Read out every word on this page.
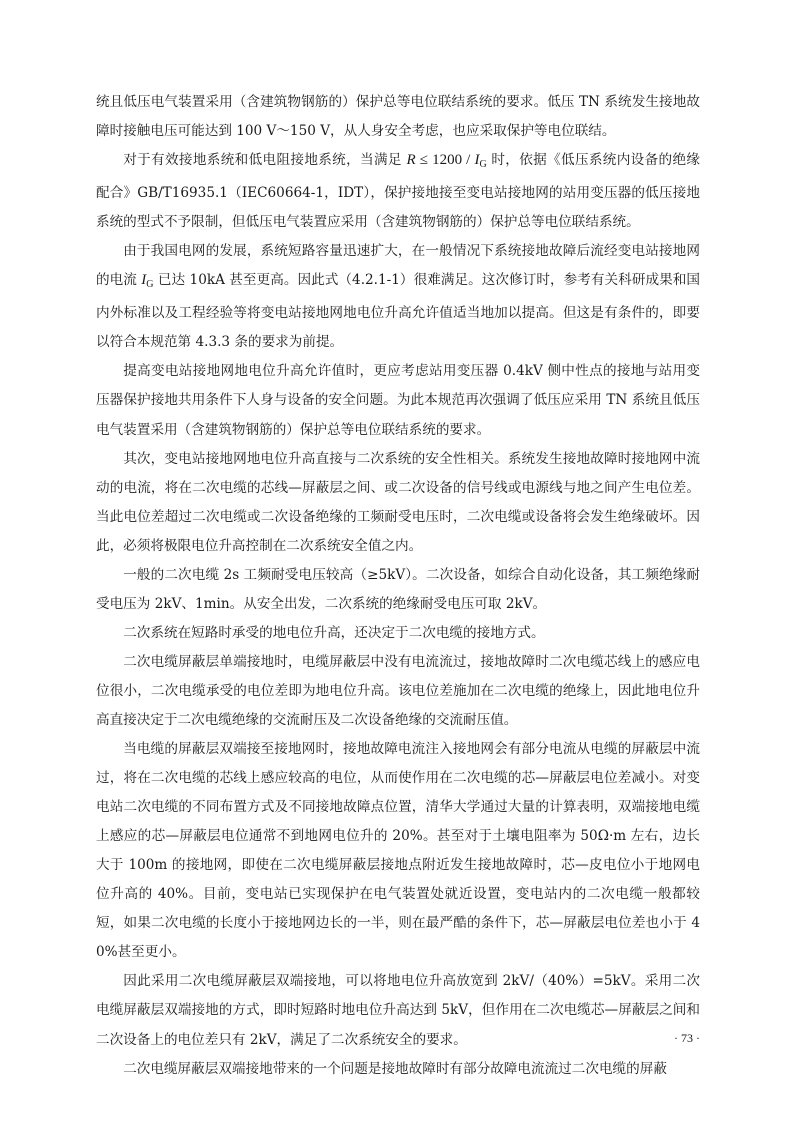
统且低压电气装置采用（含建筑物钢筋的）保护总等电位联结系统的要求。低压 TN 系统发生接地故障时接触电压可能达到 100 V～150 V，从人身安全考虑，也应采取保护等电位联结。

对于有效接地系统和低电阻接地系统，当满足 $R \le 1200 / I_G$ 时，依据《低压系统内设备的绝缘配合》GB/T16935.1（IEC60664-1，IDT），保护接地接至变电站接地网的站用变压器的低压接地系统的型式不予限制，但低压电气装置应采用（含建筑物钢筋的）保护总等电位联结系统。

由于我国电网的发展，系统短路容量迅速扩大，在一般情况下系统接地故障后流经变电站接地网的电流 $I_G$ 已达 10kA 甚至更高。因此式（4.2.1-1）很难满足。这次修订时，参考有关科研成果和国内外标准以及工程经验等将变电站接地网地电位升高允许值适当地加以提高。但这是有条件的，即要以符合本规范第 4.3.3 条的要求为前提。

提高变电站接地网地电位升高允许值时，更应考虑站用变压器 0.4kV 侧中性点的接地与站用变压器保护接地共用条件下人身与设备的安全问题。为此本规范再次强调了低压应采用 TN 系统且低压电气装置采用（含建筑物钢筋的）保护总等电位联结系统的要求。

其次，变电站接地网地电位升高直接与二次系统的安全性相关。系统发生接地故障时接地网中流动的电流，将在二次电缆的芯线—屏蔽层之间、或二次设备的信号线或电源线与地之间产生电位差。当此电位差超过二次电缆或二次设备绝缘的工频耐受电压时，二次电缆或设备将会发生绝缘破坏。因此，必须将极限电位升高控制在二次系统安全值之内。

一般的二次电缆 2s 工频耐受电压较高（≥5kV）。二次设备，如综合自动化设备，其工频绝缘耐受电压为 2kV、1min。从安全出发，二次系统的绝缘耐受电压可取 2kV。

二次系统在短路时承受的地电位升高，还决定于二次电缆的接地方式。

二次电缆屏蔽层单端接地时，电缆屏蔽层中没有电流流过，接地故障时二次电缆芯线上的感应电位很小，二次电缆承受的电位差即为地电位升高。该电位差施加在二次电缆的绝缘上，因此地电位升高直接决定于二次电缆绝缘的交流耐压及二次设备绝缘的交流耐压值。

当电缆的屏蔽层双端接至接地网时，接地故障电流注入接地网会有部分电流从电缆的屏蔽层中流过，将在二次电缆的芯线上感应较高的电位，从而使作用在二次电缆的芯—屏蔽层电位差减小。对变电站二次电缆的不同布置方式及不同接地故障点位置，清华大学通过大量的计算表明，双端接地电缆上感应的芯—屏蔽层电位通常不到地网电位升的 20%。甚至对于土壤电阻率为 50Ω·m 左右，边长大于 100m 的接地网，即使在二次电缆屏蔽层接地点附近发生接地故障时，芯—皮电位小于地网电位升高的 40%。目前，变电站已实现保护在电气装置处就近设置，变电站内的二次电缆一般都较短，如果二次电缆的长度小于接地网边长的一半，则在最严酷的条件下，芯—屏蔽层电位差也小于 40%甚至更小。

因此采用二次电缆屏蔽层双端接地，可以将地电位升高放宽到 2kV/（40%）=5kV。采用二次电缆屏蔽层双端接地的方式，即时短路时地电位升高达到 5kV，但作用在二次电缆芯—屏蔽层之间和二次设备上的电位差只有 2kV，满足了二次系统安全的要求。

二次电缆屏蔽层双端接地带来的一个问题是接地故障时有部分故障电流流过二次电缆的屏蔽

· 73 ·
